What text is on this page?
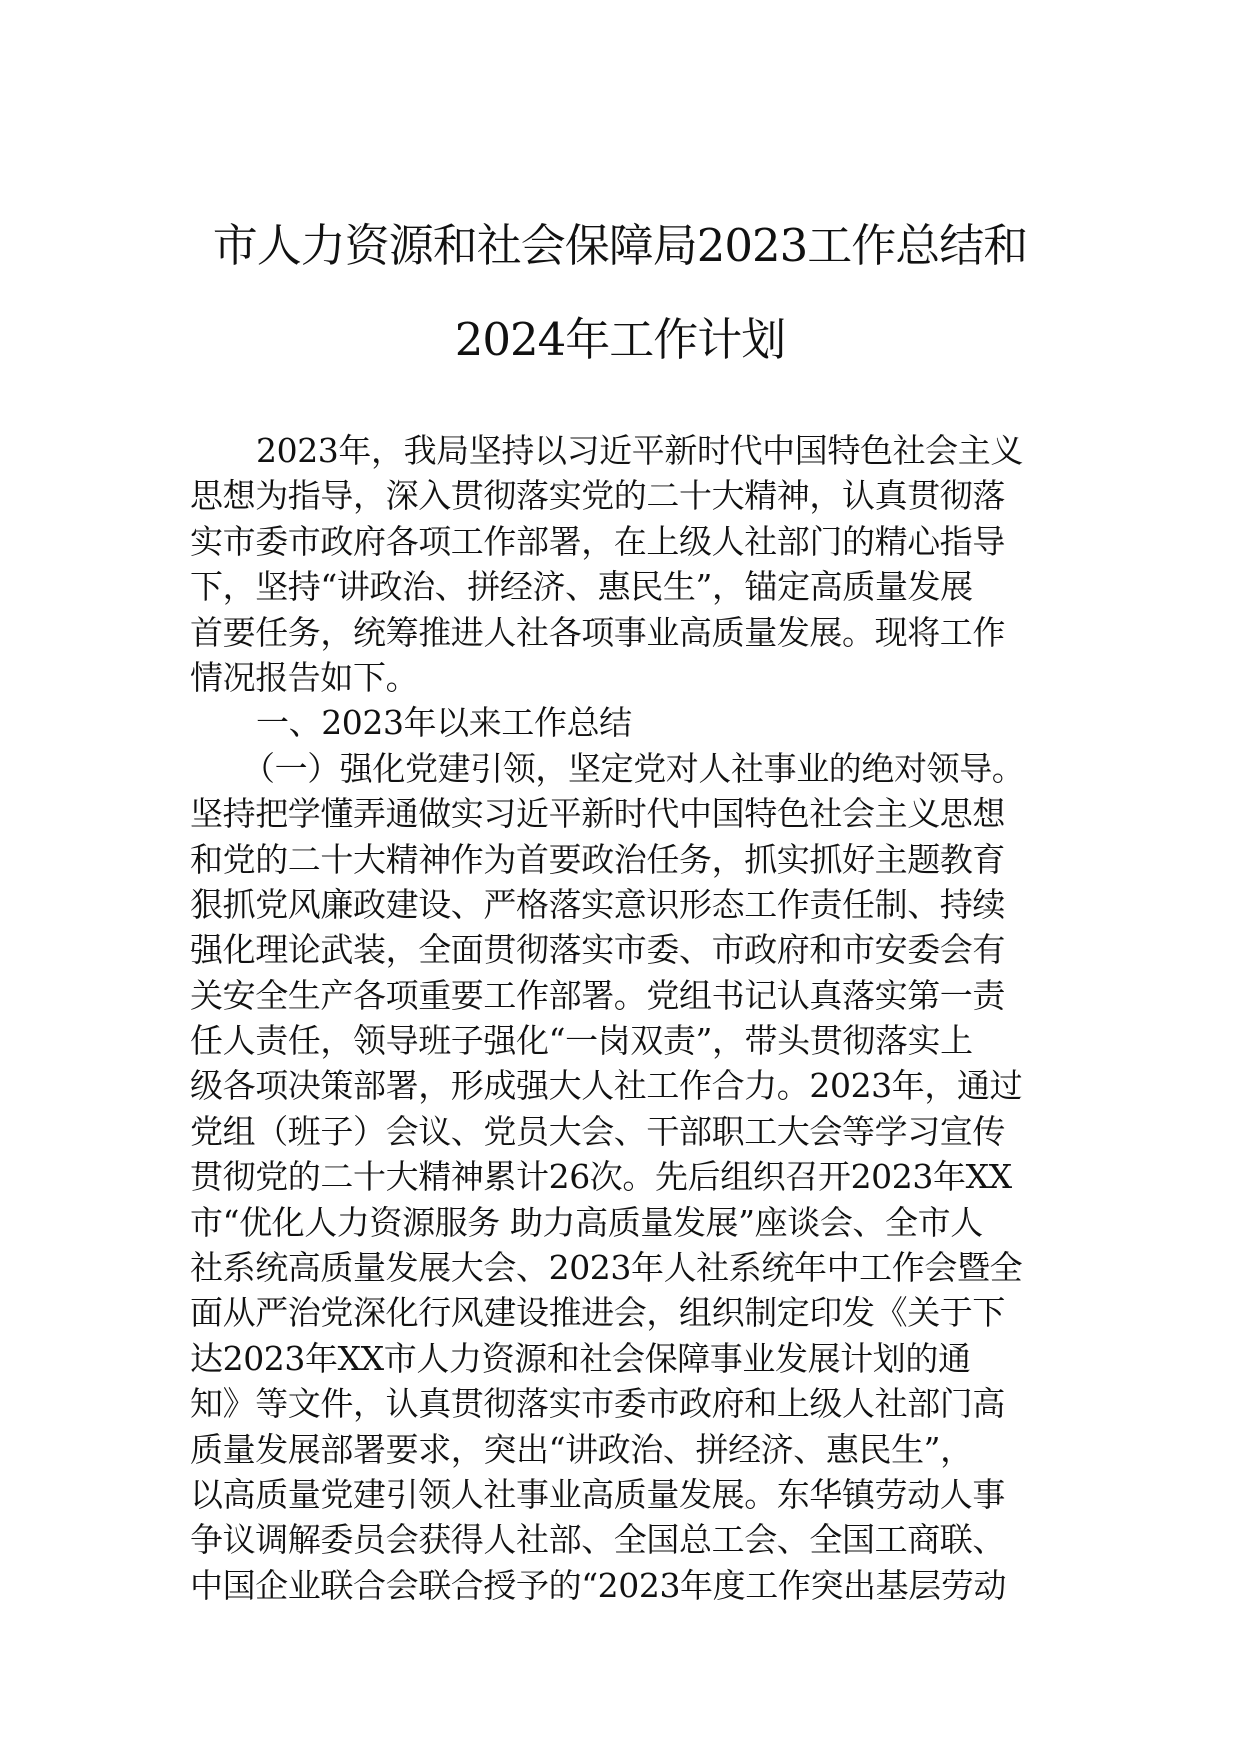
市人力资源和社会保障局2023工作总结和
2024年工作计划
2023年，我局坚持以习近平新时代中国特色社会主义
思想为指导，深入贯彻落实党的二十大精神，认真贯彻落
实市委市政府各项工作部署，在上级人社部门的精心指导
下，坚持“讲政治、拼经济、惠民生”，锚定高质量发展
首要任务，统筹推进人社各项事业高质量发展。现将工作
情况报告如下。
一、2023年以来工作总结
（一）强化党建引领，坚定党对人社事业的绝对领导。
坚持把学懂弄通做实习近平新时代中国特色社会主义思想
和党的二十大精神作为首要政治任务，抓实抓好主题教育
狠抓党风廉政建设、严格落实意识形态工作责任制、持续
强化理论武装，全面贯彻落实市委、市政府和市安委会有
关安全生产各项重要工作部署。党组书记认真落实第一责
任人责任，领导班子强化“一岗双责”，带头贯彻落实上
级各项决策部署，形成强大人社工作合力。2023年，通过
党组（班子）会议、党员大会、干部职工大会等学习宣传
贯彻党的二十大精神累计26次。先后组织召开2023年XX
市“优化人力资源服务 助力高质量发展”座谈会、全市人
社系统高质量发展大会、2023年人社系统年中工作会暨全
面从严治党深化行风建设推进会，组织制定印发《关于下
达2023年XX市人力资源和社会保障事业发展计划的通
知》等文件，认真贯彻落实市委市政府和上级人社部门高
质量发展部署要求，突出“讲政治、拼经济、惠民生”，
以高质量党建引领人社事业高质量发展。东华镇劳动人事
争议调解委员会获得人社部、全国总工会、全国工商联、
中国企业联合会联合授予的“2023年度工作突出基层劳动
